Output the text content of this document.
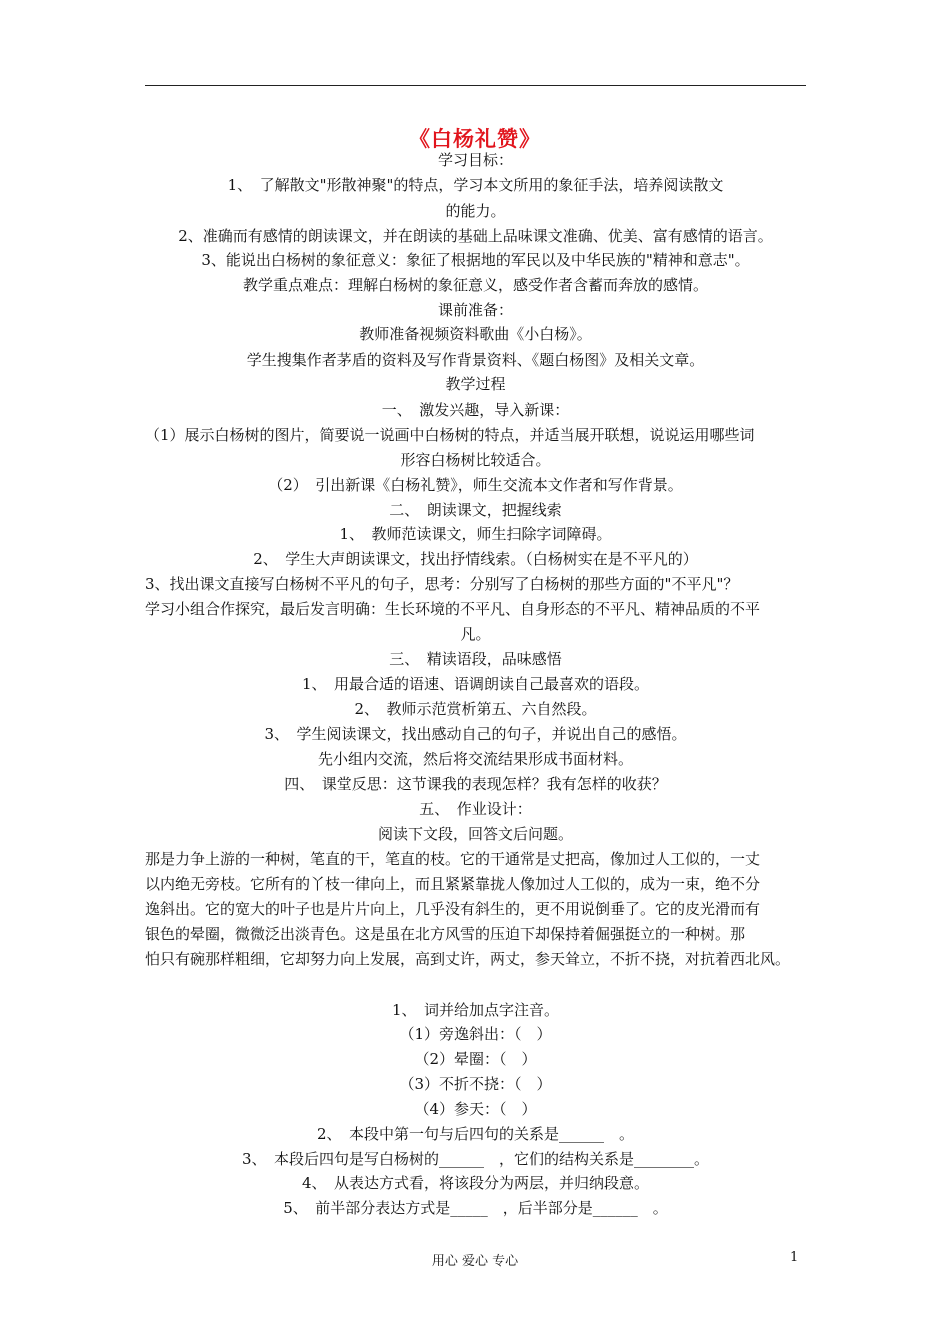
《白杨礼赞》
学习目标：
1、　了解散文"形散神聚"的特点，学习本文所用的象征手法，培养阅读散文
的能力。
2、准确而有感情的朗读课文，并在朗读的基础上品味课文准确、优美、富有感情的语言。
3、能说出白杨树的象征意义：象征了根据地的军民以及中华民族的"精神和意志"。
教学重点难点：理解白杨树的象征意义，感受作者含蓄而奔放的感情。
课前准备：
教师准备视频资料歌曲《小白杨》。
学生搜集作者茅盾的资料及写作背景资料、《题白杨图》及相关文章。
教学过程
一、　激发兴趣，导入新课：
（1）展示白杨树的图片，简要说一说画中白杨树的特点，并适当展开联想，说说运用哪些词
形容白杨树比较适合。
（2）　引出新课《白杨礼赞》，师生交流本文作者和写作背景。
二、　朗读课文，把握线索
1、　教师范读课文，师生扫除字词障碍。
2、　学生大声朗读课文，找出抒情线索。（白杨树实在是不平凡的）
3、找出课文直接写白杨树不平凡的句子，思考：分别写了白杨树的那些方面的"不平凡"？
学习小组合作探究，最后发言明确：生长环境的不平凡、自身形态的不平凡、精神品质的不平
凡。
三、　精读语段，品味感悟
1、　用最合适的语速、语调朗读自己最喜欢的语段。
2、　教师示范赏析第五、六自然段。
3、　学生阅读课文，找出感动自己的句子，并说出自己的感悟。
先小组内交流，然后将交流结果形成书面材料。
四、　课堂反思：这节课我的表现怎样？我有怎样的收获？
五、　作业设计：
阅读下文段，回答文后问题。
那是力争上游的一种树，笔直的干，笔直的枝。它的干通常是丈把高，像加过人工似的，一丈
以内绝无旁枝。它所有的丫枝一律向上，而且紧紧靠拢人像加过人工似的，成为一束，绝不分
逸斜出。它的宽大的叶子也是片片向上，几乎没有斜生的，更不用说倒垂了。它的皮光滑而有
银色的晕圈，微微泛出淡青色。这是虽在北方风雪的压迫下却保持着倔强挺立的一种树。那
怕只有碗那样粗细，它却努力向上发展，高到丈许，两丈，参天耸立，不折不挠，对抗着西北风。
1、　词并给加点字注音。
（1）旁逸斜出：（　）
（2）晕圈：（　）
（3）不折不挠：（　）
（4）参天：（　）
2、　本段中第一句与后四句的关系是______　。
3、　本段后四句是写白杨树的______　，它们的结构关系是________。
4、　从表达方式看，将该段分为两层，并归纳段意。
5、　前半部分表达方式是_____　，后半部分是______　。
用心 爱心 专心	1
